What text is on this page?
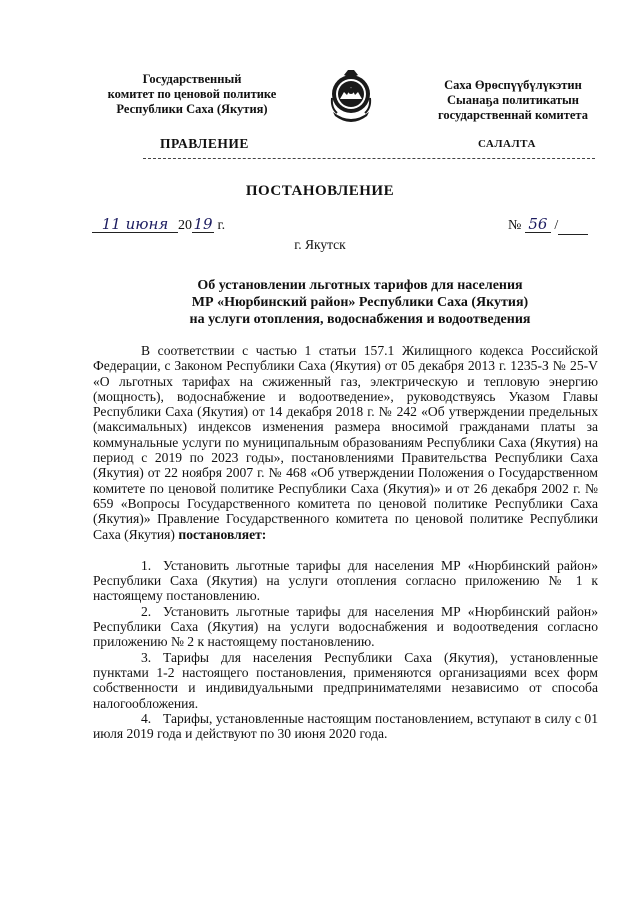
Государственный
комитет по ценовой политике
Республики Саха (Якутия)
Саха Өрөспүүбүлүкэтин
Сыанаҕа политикатын
государственнай комитета
ПРАВЛЕНИЕ	САЛАЛТА
ПОСТАНОВЛЕНИЕ
11 июня 2019 г.	№ 56 /
г. Якутск
Об установлении льготных тарифов для населения
МР «Нюрбинский район» Республики Саха (Якутия)
на услуги отопления, водоснабжения и водоотведения

В соответствии с частью 1 статьи 157.1 Жилищного кодекса Российской Федерации, с Законом Республики Саха (Якутия) от 05 декабря 2013 г. 1235-З № 25-V «О льготных тарифах на сжиженный газ, электрическую и тепловую энергию (мощность), водоснабжение и водоотведение», руководствуясь Указом Главы Республики Саха (Якутия) от 14 декабря 2018 г. № 242 «Об утверждении предельных (максимальных) индексов изменения размера вносимой гражданами платы за коммунальные услуги по муниципальным образованиям Республики Саха (Якутия) на период с 2019 по 2023 годы», постановлениями Правительства Республики Саха (Якутия) от 22 ноября 2007 г. № 468 «Об утверждении Положения о Государственном комитете по ценовой политике Республики Саха (Якутия)» и от 26 декабря 2002 г. № 659 «Вопросы Государственного комитета по ценовой политике Республики Саха (Якутия)» Правление Государственного комитета по ценовой политике Республики Саха (Якутия) постановляет:

1. Установить льготные тарифы для населения МР «Нюрбинский район» Республики Саха (Якутия) на услуги отопления согласно приложению № 1 к настоящему постановлению.

2. Установить льготные тарифы для населения МР «Нюрбинский район» Республики Саха (Якутия) на услуги водоснабжения и водоотведения согласно приложению № 2 к настоящему постановлению.

3. Тарифы для населения Республики Саха (Якутия), установленные пунктами 1-2 настоящего постановления, применяются организациями всех форм собственности и индивидуальными предпринимателями независимо от способа налогообложения.

4. Тарифы, установленные настоящим постановлением, вступают в силу с 01 июля 2019 года и действуют по 30 июня 2020 года.
